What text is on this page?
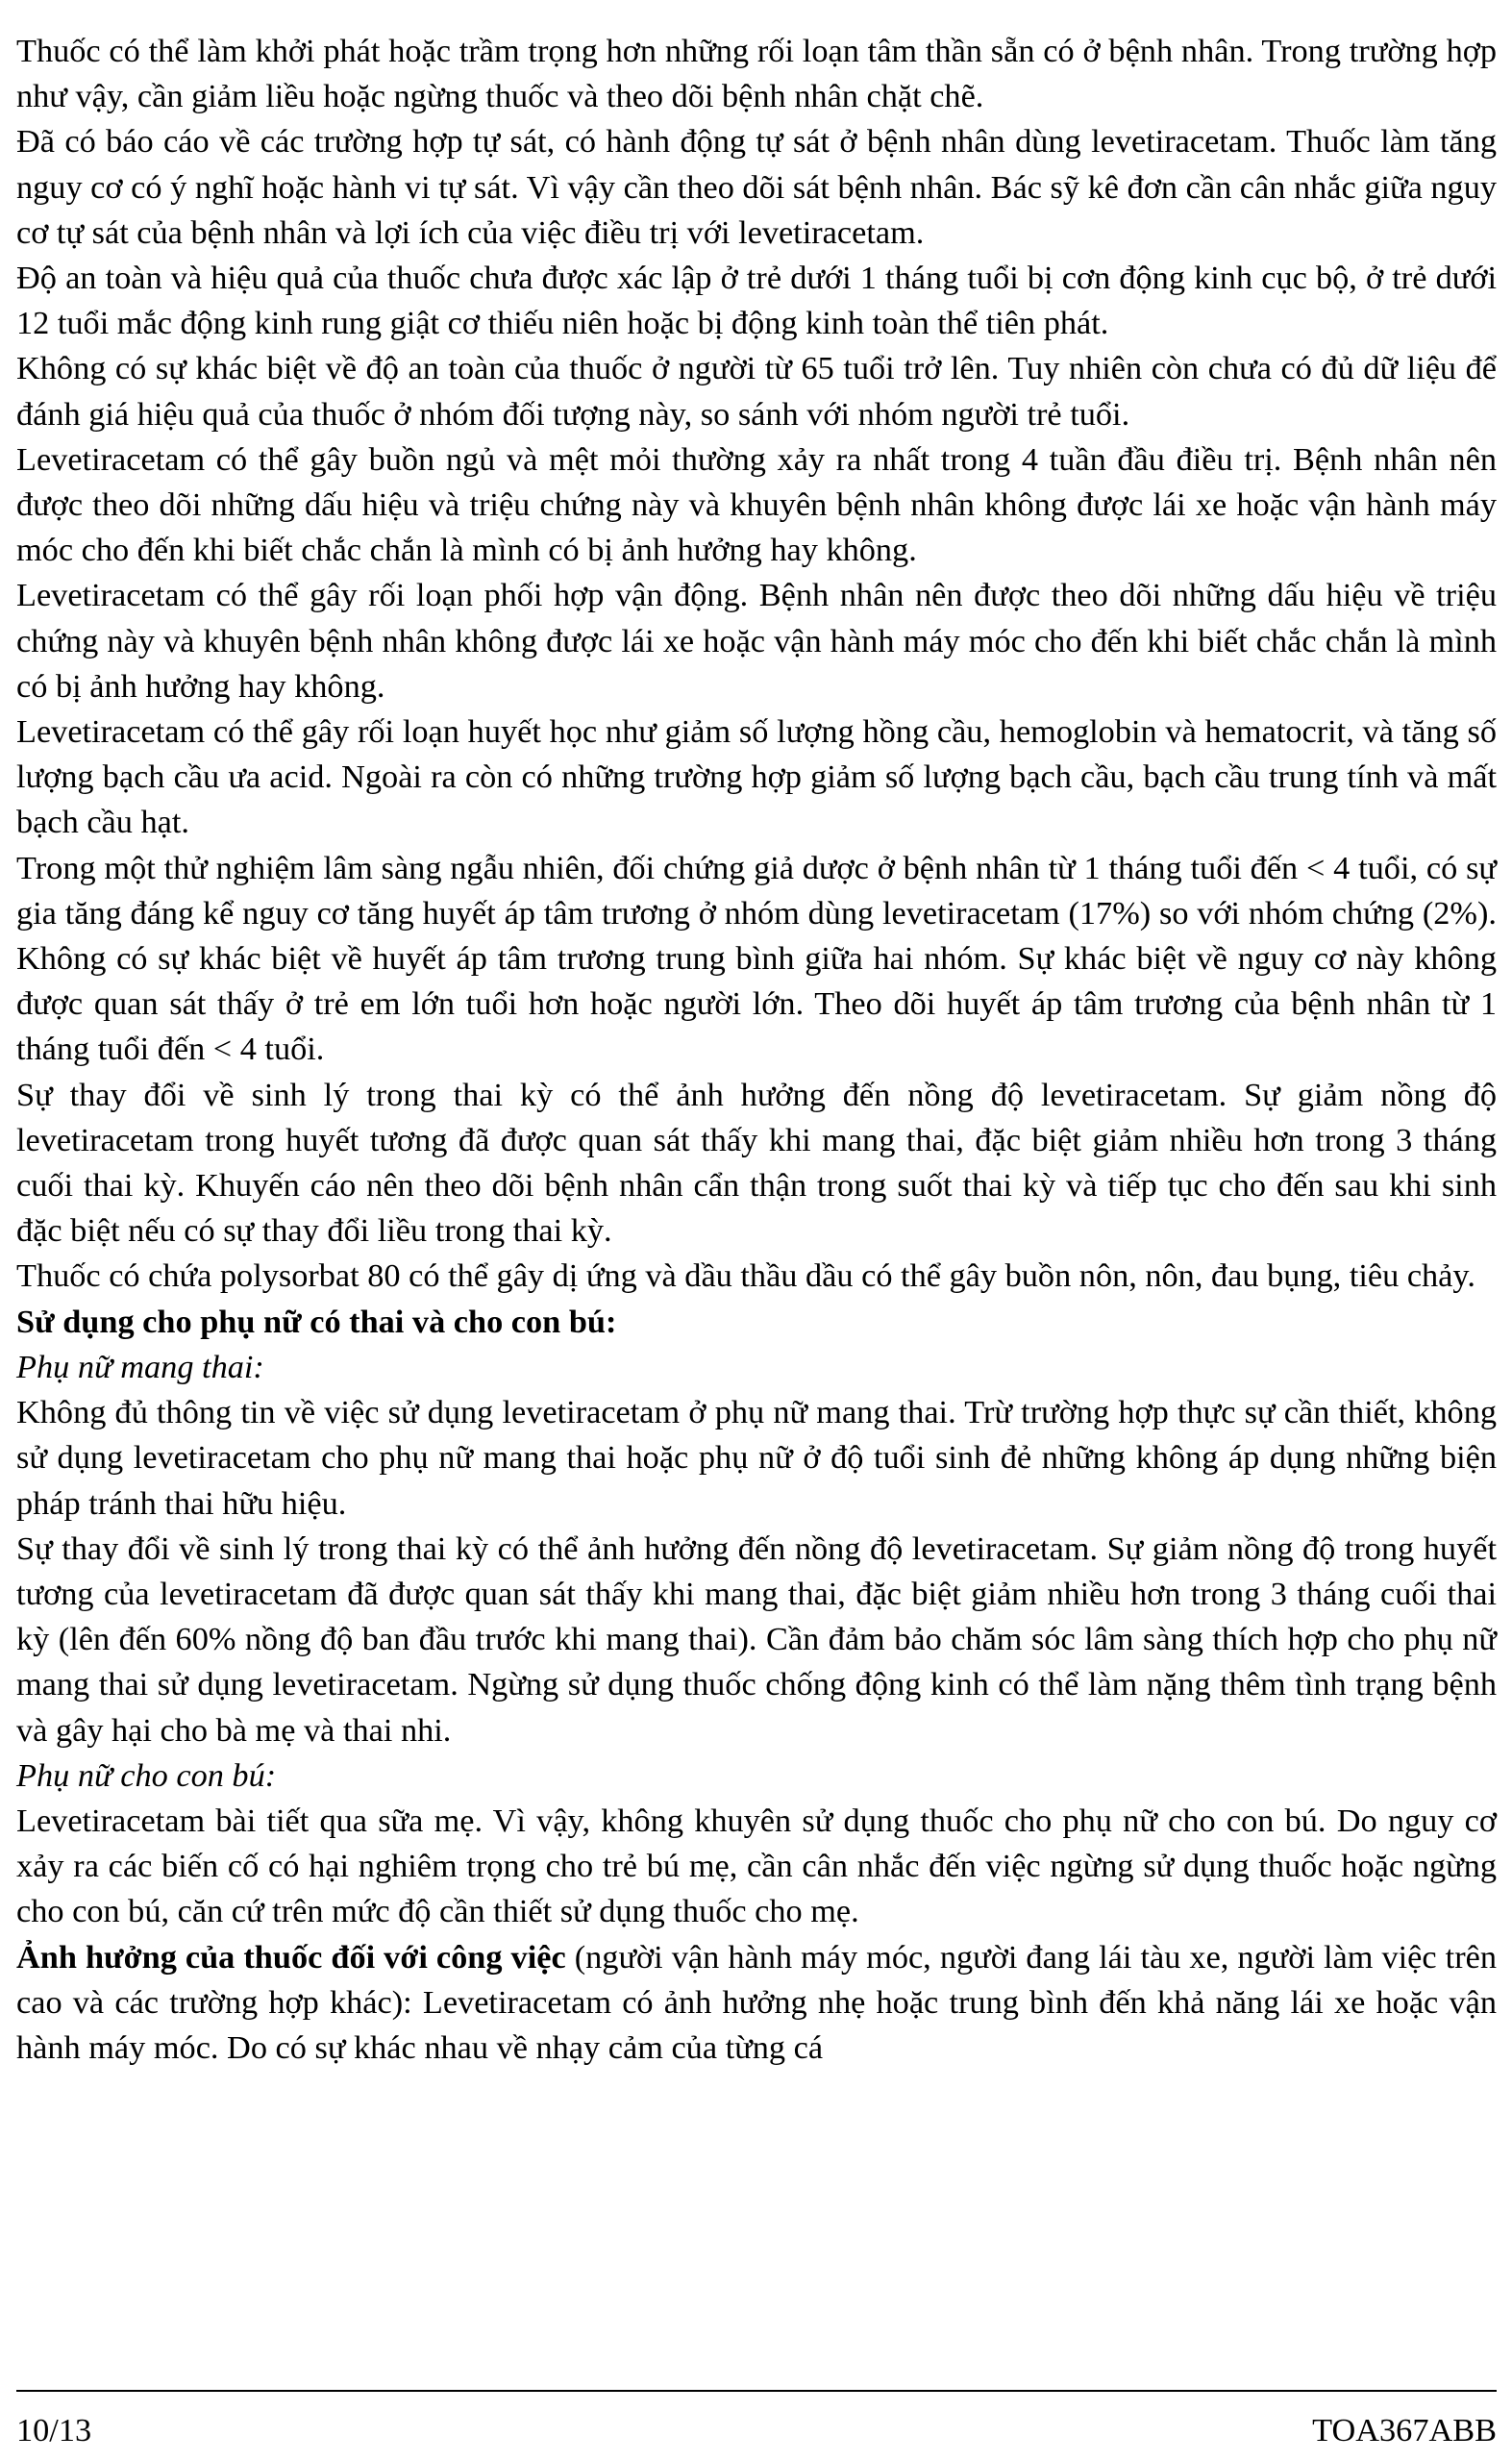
Thuốc có thể làm khởi phát hoặc trầm trọng hơn những rối loạn tâm thần sẵn có ở bệnh nhân. Trong trường hợp như vậy, cần giảm liều hoặc ngừng thuốc và theo dõi bệnh nhân chặt chẽ.

Đã có báo cáo về các trường hợp tự sát, có hành động tự sát ở bệnh nhân dùng levetiracetam. Thuốc làm tăng nguy cơ có ý nghĩ hoặc hành vi tự sát. Vì vậy cần theo dõi sát bệnh nhân. Bác sỹ kê đơn cần cân nhắc giữa nguy cơ tự sát của bệnh nhân và lợi ích của việc điều trị với levetiracetam.

Độ an toàn và hiệu quả của thuốc chưa được xác lập ở trẻ dưới 1 tháng tuổi bị cơn động kinh cục bộ, ở trẻ dưới 12 tuổi mắc động kinh rung giật cơ thiếu niên hoặc bị động kinh toàn thể tiên phát.

Không có sự khác biệt về độ an toàn của thuốc ở người từ 65 tuổi trở lên. Tuy nhiên còn chưa có đủ dữ liệu để đánh giá hiệu quả của thuốc ở nhóm đối tượng này, so sánh với nhóm người trẻ tuổi.

Levetiracetam có thể gây buồn ngủ và mệt mỏi thường xảy ra nhất trong 4 tuần đầu điều trị. Bệnh nhân nên được theo dõi những dấu hiệu và triệu chứng này và khuyên bệnh nhân không được lái xe hoặc vận hành máy móc cho đến khi biết chắc chắn là mình có bị ảnh hưởng hay không.

Levetiracetam có thể gây rối loạn phối hợp vận động. Bệnh nhân nên được theo dõi những dấu hiệu về triệu chứng này và khuyên bệnh nhân không được lái xe hoặc vận hành máy móc cho đến khi biết chắc chắn là mình có bị ảnh hưởng hay không.

Levetiracetam có thể gây rối loạn huyết học như giảm số lượng hồng cầu, hemoglobin và hematocrit, và tăng số lượng bạch cầu ưa acid. Ngoài ra còn có những trường hợp giảm số lượng bạch cầu, bạch cầu trung tính và mất bạch cầu hạt.

Trong một thử nghiệm lâm sàng ngẫu nhiên, đối chứng giả dược ở bệnh nhân từ 1 tháng tuổi đến < 4 tuổi, có sự gia tăng đáng kể nguy cơ tăng huyết áp tâm trương ở nhóm dùng levetiracetam (17%) so với nhóm chứng (2%). Không có sự khác biệt về huyết áp tâm trương trung bình giữa hai nhóm. Sự khác biệt về nguy cơ này không được quan sát thấy ở trẻ em lớn tuổi hơn hoặc người lớn. Theo dõi huyết áp tâm trương của bệnh nhân từ 1 tháng tuổi đến < 4 tuổi.

Sự thay đổi về sinh lý trong thai kỳ có thể ảnh hưởng đến nồng độ levetiracetam. Sự giảm nồng độ levetiracetam trong huyết tương đã được quan sát thấy khi mang thai, đặc biệt giảm nhiều hơn trong 3 tháng cuối thai kỳ. Khuyến cáo nên theo dõi bệnh nhân cẩn thận trong suốt thai kỳ và tiếp tục cho đến sau khi sinh đặc biệt nếu có sự thay đổi liều trong thai kỳ.

Thuốc có chứa polysorbat 80 có thể gây dị ứng và dầu thầu dầu có thể gây buồn nôn, nôn, đau bụng, tiêu chảy.

Sử dụng cho phụ nữ có thai và cho con bú:

Phụ nữ mang thai:

Không đủ thông tin về việc sử dụng levetiracetam ở phụ nữ mang thai. Trừ trường hợp thực sự cần thiết, không sử dụng levetiracetam cho phụ nữ mang thai hoặc phụ nữ ở độ tuổi sinh đẻ những không áp dụng những biện pháp tránh thai hữu hiệu.

Sự thay đổi về sinh lý trong thai kỳ có thể ảnh hưởng đến nồng độ levetiracetam. Sự giảm nồng độ trong huyết tương của levetiracetam đã được quan sát thấy khi mang thai, đặc biệt giảm nhiều hơn trong 3 tháng cuối thai kỳ (lên đến 60% nồng độ ban đầu trước khi mang thai). Cần đảm bảo chăm sóc lâm sàng thích hợp cho phụ nữ mang thai sử dụng levetiracetam. Ngừng sử dụng thuốc chống động kinh có thể làm nặng thêm tình trạng bệnh và gây hại cho bà mẹ và thai nhi.

Phụ nữ cho con bú:

Levetiracetam bài tiết qua sữa mẹ. Vì vậy, không khuyên sử dụng thuốc cho phụ nữ cho con bú. Do nguy cơ xảy ra các biến cố có hại nghiêm trọng cho trẻ bú mẹ, cần cân nhắc đến việc ngừng sử dụng thuốc hoặc ngừng cho con bú, căn cứ trên mức độ cần thiết sử dụng thuốc cho mẹ.

Ảnh hưởng của thuốc đối với công việc (người vận hành máy móc, người đang lái tàu xe, người làm việc trên cao và các trường hợp khác): Levetiracetam có ảnh hưởng nhẹ hoặc trung bình đến khả năng lái xe hoặc vận hành máy móc. Do có sự khác nhau về nhạy cảm của từng cá

10/13	TOA367ABB
